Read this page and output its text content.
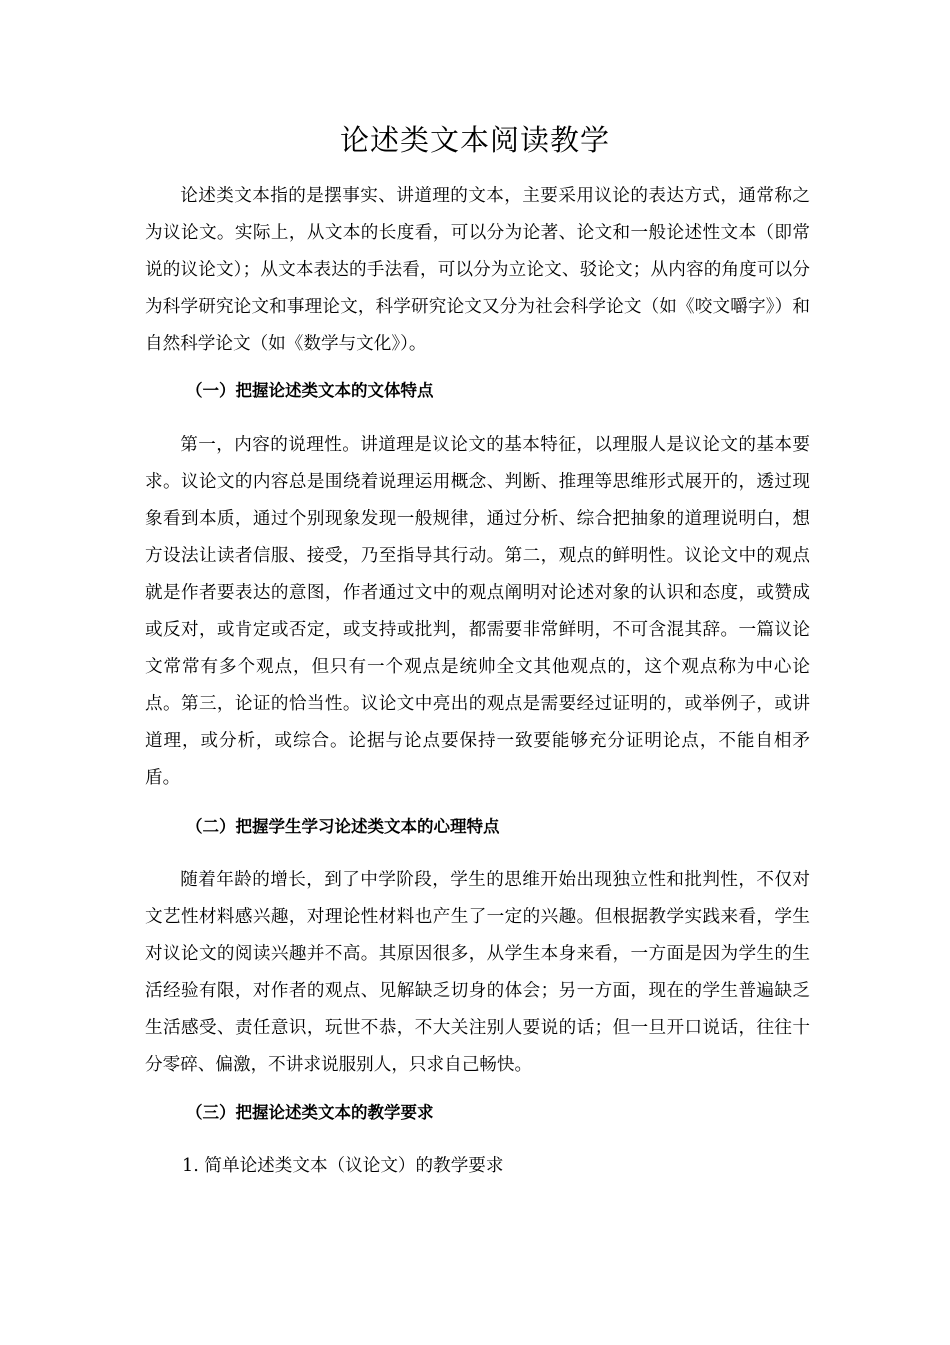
论述类文本阅读教学

论述类文本指的是摆事实、讲道理的文本，主要采用议论的表达方式，通常称之为议论文。实际上，从文本的长度看，可以分为论著、论文和一般论述性文本（即常说的议论文）；从文本表达的手法看，可以分为立论文、驳论文；从内容的角度可以分为科学研究论文和事理论文，科学研究论文又分为社会科学论文（如《咬文嚼字》）和自然科学论文（如《数学与文化》）。

（一）把握论述类文本的文体特点

第一，内容的说理性。讲道理是议论文的基本特征，以理服人是议论文的基本要求。议论文的内容总是围绕着说理运用概念、判断、推理等思维形式展开的，透过现象看到本质，通过个别现象发现一般规律，通过分析、综合把抽象的道理说明白，想方设法让读者信服、接受，乃至指导其行动。第二，观点的鲜明性。议论文中的观点就是作者要表达的意图，作者通过文中的观点阐明对论述对象的认识和态度，或赞成或反对，或肯定或否定，或支持或批判，都需要非常鲜明，不可含混其辞。一篇议论文常常有多个观点，但只有一个观点是统帅全文其他观点的，这个观点称为中心论点。第三，论证的恰当性。议论文中亮出的观点是需要经过证明的，或举例子，或讲道理，或分析，或综合。论据与论点要保持一致要能够充分证明论点，不能自相矛盾。

（二）把握学生学习论述类文本的心理特点

随着年龄的增长，到了中学阶段，学生的思维开始出现独立性和批判性，不仅对文艺性材料感兴趣，对理论性材料也产生了一定的兴趣。但根据教学实践来看，学生对议论文的阅读兴趣并不高。其原因很多，从学生本身来看，一方面是因为学生的生活经验有限，对作者的观点、见解缺乏切身的体会；另一方面，现在的学生普遍缺乏生活感受、责任意识，玩世不恭，不大关注别人要说的话；但一旦开口说话，往往十分零碎、偏激，不讲求说服别人，只求自己畅快。

（三）把握论述类文本的教学要求
1. 简单论述类文本（议论文）的教学要求
